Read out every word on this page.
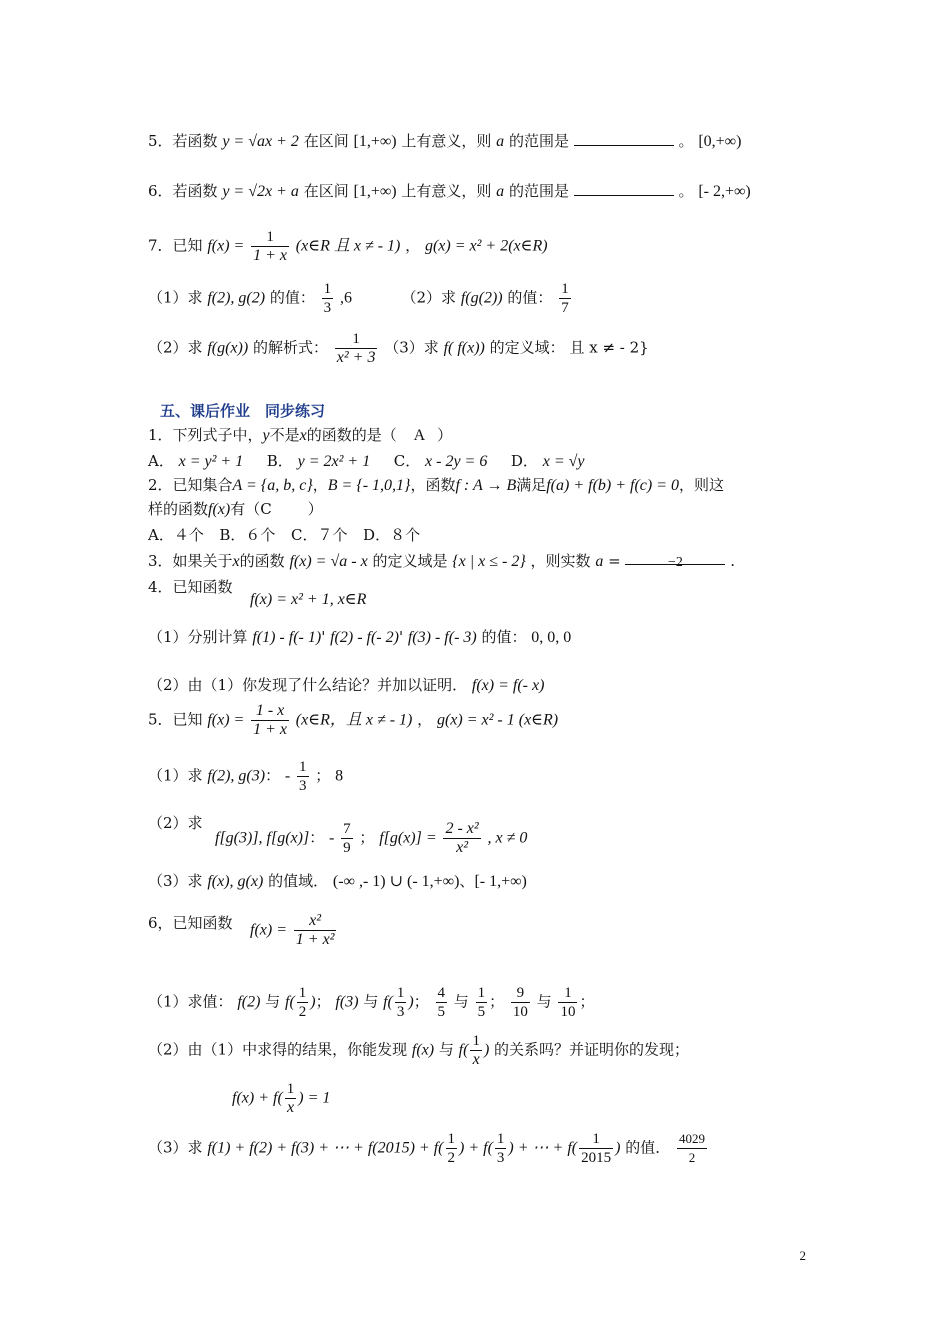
5．若函数 y = √ax + 2 在区间 [1,+∞) 上有意义，则 a 的范围是	。 [0,+∞)
6．若函数 y = √2x + a 在区间 [1,+∞) 上有意义，则 a 的范围是	。 [- 2,+∞)
7．已知 $f(x) = \frac{1}{1 + x}$ (x∈R 且 x ≠ - 1) ， g(x) = x² + 2(x∈R)
（1）求 f(2), g(2) 的值： $\frac{1}{3} ,6$	（2）求 f(g(2)) 的值： $\frac{1}{7}$
（2）求 f(g(x)) 的解析式： $\frac{1}{\text{x² + 3}} (3)$求 f( f(x)) 的定义域： 且 x ≠ - 2}
五、课后作业　同步练习
1．下列式子中，y不是x的函数的是（ A ）
A． x = y² + 1 B． y = 2x² + 1 C． x - 2y = 6 D． x = √y
2．已知集合A = {a, b, c}，B = {- 1,0,1}，函数f : A → B满足f(a) + f(b) + f(c) = 0，则这
样的函数f(x)有（C ）
A．４个 B．６个 C．７个 D．８个
3．如果关于x的函数 f(x) = √a - x 的定义域是 {x | x ≤ - 2} ，则实数 a =	−2	.
4．已知函数
f(x) = x² + 1, x∈R
（1）分别计算 f(1) - f(- 1)' f(2) - f(- 2)' f(3) - f(- 3) 的值： 0, 0, 0
（2）由（1）你发现了什么结论？并加以证明． f(x) = f(- x)
5．已知 $f(x) = \frac{1 - x}{1 + x}$ (x∈R，且 x ≠ - 1) ， g(x) = x² - 1 (x∈R)
（1）求 f(2), g(3)： - $\frac{1}{3}$ ； 8
（2）求
f[g(3)], f[g(x)]： - $\frac{7}{9}$ ； $f[g(x)] = \frac{\text{2 - x²}}{\text{x²}}$ , x ≠ 0
（3）求 f(x), g(x) 的值域． (-∞ ,- 1) ∪ (- 1,+∞)、[- 1,+∞)
6，已知函数 $f(x) = \frac{\text{x²}}{\text{1 + x²}}$
（1）求值： f(2) 与 $f( \frac{1}{2}$ )； f(3) 与 $f( \frac{1}{3}$ )； $\frac{4}{5}$ 与 $\frac{1}{5}$ ； $\frac{9}{10}$ 与 $\frac{1}{10}$ ；
（2）由（1）中求得的结果，你能发现 f(x) 与 $f( \frac{1}{x}$ ) 的关系吗？并证明你的发现；
$f(x) + f( \frac{1}{x}$ ) = 1
（3）求 f(1) + f(2) + f(3) + ⋯ + $f(2015) + f( \frac{1}{2}$ ) + $f( \frac{1}{3}$ ) + ⋯ + $f( \frac{1}{2015}$ ) 的值． $\frac{4029}{2}$
2
